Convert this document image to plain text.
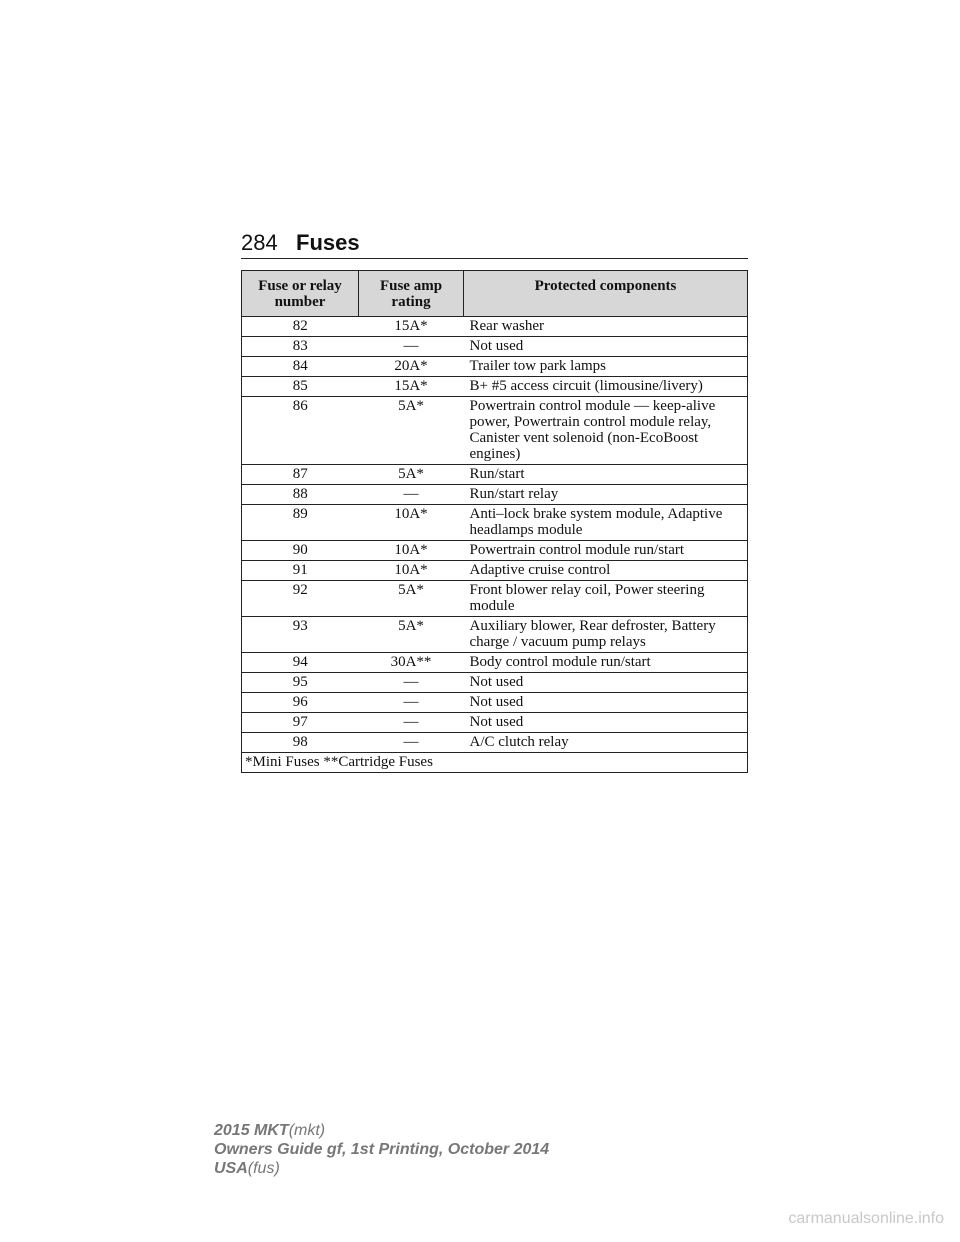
284 Fuses
Fuse or relay number	Fuse amp rating	Protected components
82	15A*	Rear washer
83	—	Not used
84	20A*	Trailer tow park lamps
85	15A*	B+ #5 access circuit (limousine/livery)
86	5A*	Powertrain control module — keep-alive power, Powertrain control module relay, Canister vent solenoid (non-EcoBoost engines)
87	5A*	Run/start
88	—	Run/start relay
89	10A*	Anti–lock brake system module, Adaptive headlamps module
90	10A*	Powertrain control module run/start
91	10A*	Adaptive cruise control
92	5A*	Front blower relay coil, Power steering module
93	5A*	Auxiliary blower, Rear defroster, Battery charge / vacuum pump relays
94	30A**	Body control module run/start
95	—	Not used
96	—	Not used
97	—	Not used
98	—	A/C clutch relay
*Mini Fuses **Cartridge Fuses		
2015 MKT(mkt)
Owners Guide gf, 1st Printing, October 2014
USA(fus)
carmanualsonline.info
